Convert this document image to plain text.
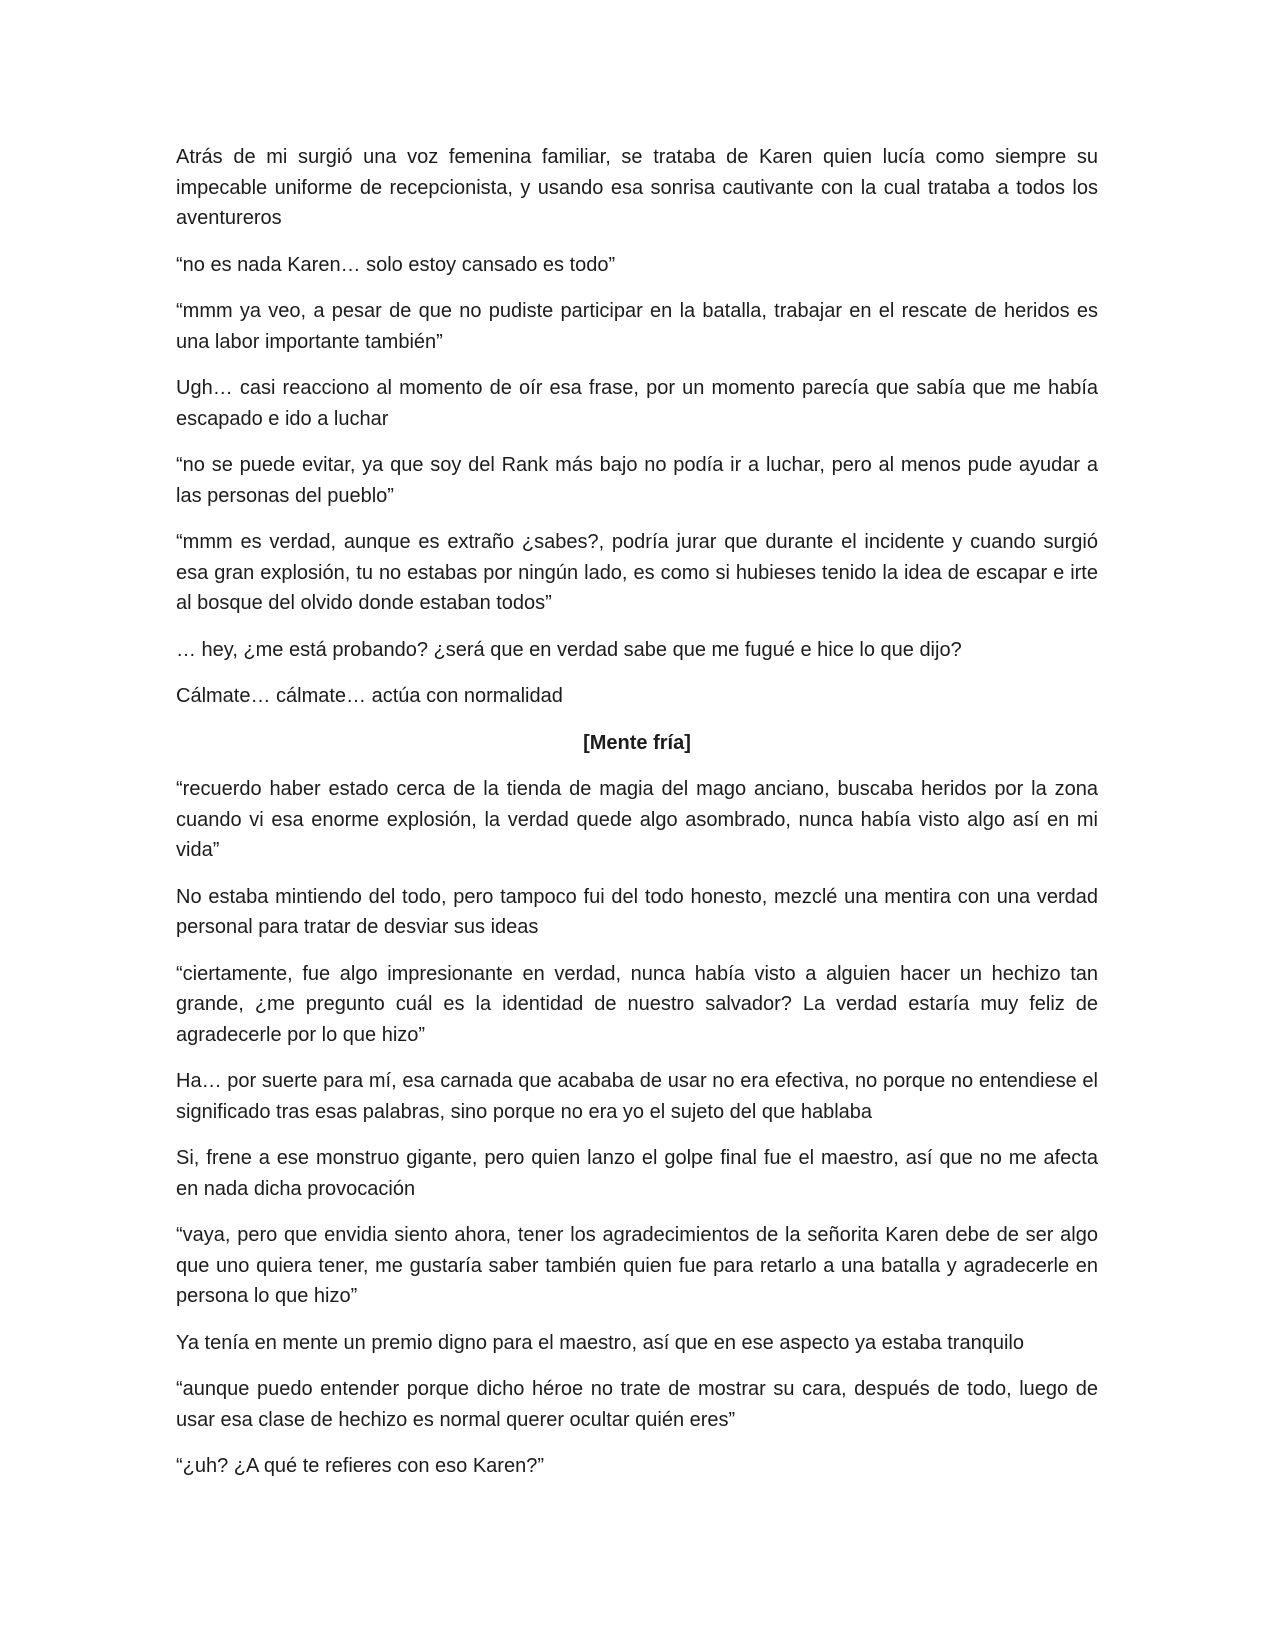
Atrás de mi surgió una voz femenina familiar, se trataba de Karen quien lucía como siempre su impecable uniforme de recepcionista, y usando esa sonrisa cautivante con la cual trataba a todos los aventureros

“no es nada Karen… solo estoy cansado es todo”

“mmm ya veo, a pesar de que no pudiste participar en la batalla, trabajar en el rescate de heridos es una labor importante también”

Ugh… casi reacciono al momento de oír esa frase, por un momento parecía que sabía que me había escapado e ido a luchar

“no se puede evitar, ya que soy del Rank más bajo no podía ir a luchar, pero al menos pude ayudar a las personas del pueblo”

“mmm es verdad, aunque es extraño ¿sabes?, podría jurar que durante el incidente y cuando surgió esa gran explosión, tu no estabas por ningún lado, es como si hubieses tenido la idea de escapar e irte al bosque del olvido donde estaban todos”

… hey, ¿me está probando? ¿será que en verdad sabe que me fugué e hice lo que dijo?

Cálmate… cálmate… actúa con normalidad

[Mente fría]

“recuerdo haber estado cerca de la tienda de magia del mago anciano, buscaba heridos por la zona cuando vi esa enorme explosión, la verdad quede algo asombrado, nunca había visto algo así en mi vida”

No estaba mintiendo del todo, pero tampoco fui del todo honesto, mezclé una mentira con una verdad personal para tratar de desviar sus ideas

“ciertamente, fue algo impresionante en verdad, nunca había visto a alguien hacer un hechizo tan grande, ¿me pregunto cuál es la identidad de nuestro salvador? La verdad estaría muy feliz de agradecerle por lo que hizo”

Ha… por suerte para mí, esa carnada que acababa de usar no era efectiva, no porque no entendiese el significado tras esas palabras, sino porque no era yo el sujeto del que hablaba

Si, frene a ese monstruo gigante, pero quien lanzo el golpe final fue el maestro, así que no me afecta en nada dicha provocación

“vaya, pero que envidia siento ahora, tener los agradecimientos de la señorita Karen debe de ser algo que uno quiera tener, me gustaría saber también quien fue para retarlo a una batalla y agradecerle en persona lo que hizo”

Ya tenía en mente un premio digno para el maestro, así que en ese aspecto ya estaba tranquilo

“aunque puedo entender porque dicho héroe no trate de mostrar su cara, después de todo, luego de usar esa clase de hechizo es normal querer ocultar quién eres”

“¿uh? ¿A qué te refieres con eso Karen?”
